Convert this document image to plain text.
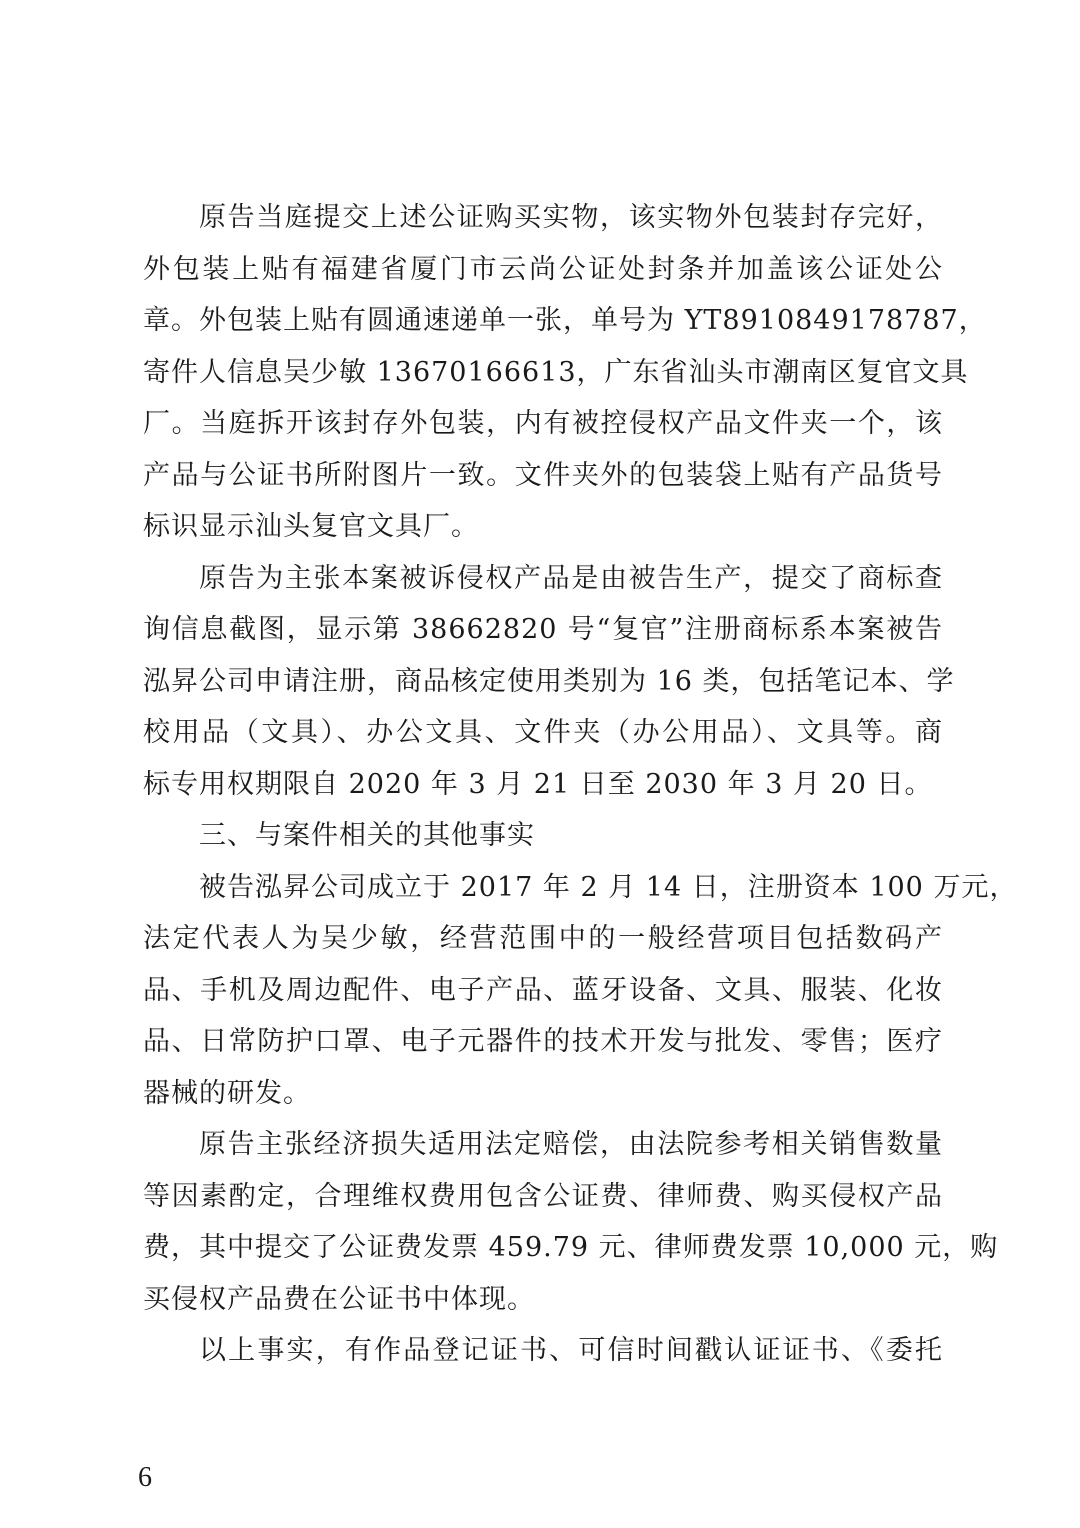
原告当庭提交上述公证购买实物，该实物外包装封存完好，
外包装上贴有福建省厦门市云尚公证处封条并加盖该公证处公
章。外包装上贴有圆通速递单一张，单号为 YT8910849178787，
寄件人信息吴少敏 13670166613，广东省汕头市潮南区复官文具
厂。当庭拆开该封存外包装，内有被控侵权产品文件夹一个，该
产品与公证书所附图片一致。文件夹外的包装袋上贴有产品货号
标识显示汕头复官文具厂。
原告为主张本案被诉侵权产品是由被告生产，提交了商标查
询信息截图，显示第 38662820 号“复官”注册商标系本案被告
泓昇公司申请注册，商品核定使用类别为 16 类，包括笔记本、学
校用品（文具）、办公文具、文件夹（办公用品）、文具等。商
标专用权期限自 2020 年 3 月 21 日至 2030 年 3 月 20 日。
三、与案件相关的其他事实
被告泓昇公司成立于 2017 年 2 月 14 日，注册资本 100 万元，
法定代表人为吴少敏，经营范围中的一般经营项目包括数码产
品、手机及周边配件、电子产品、蓝牙设备、文具、服装、化妆
品、日常防护口罩、电子元器件的技术开发与批发、零售；医疗
器械的研发。
原告主张经济损失适用法定赔偿，由法院参考相关销售数量
等因素酌定，合理维权费用包含公证费、律师费、购买侵权产品
费，其中提交了公证费发票 459.79 元、律师费发票 10,000 元，购
买侵权产品费在公证书中体现。
以上事实，有作品登记证书、可信时间戳认证证书、《委托
6
